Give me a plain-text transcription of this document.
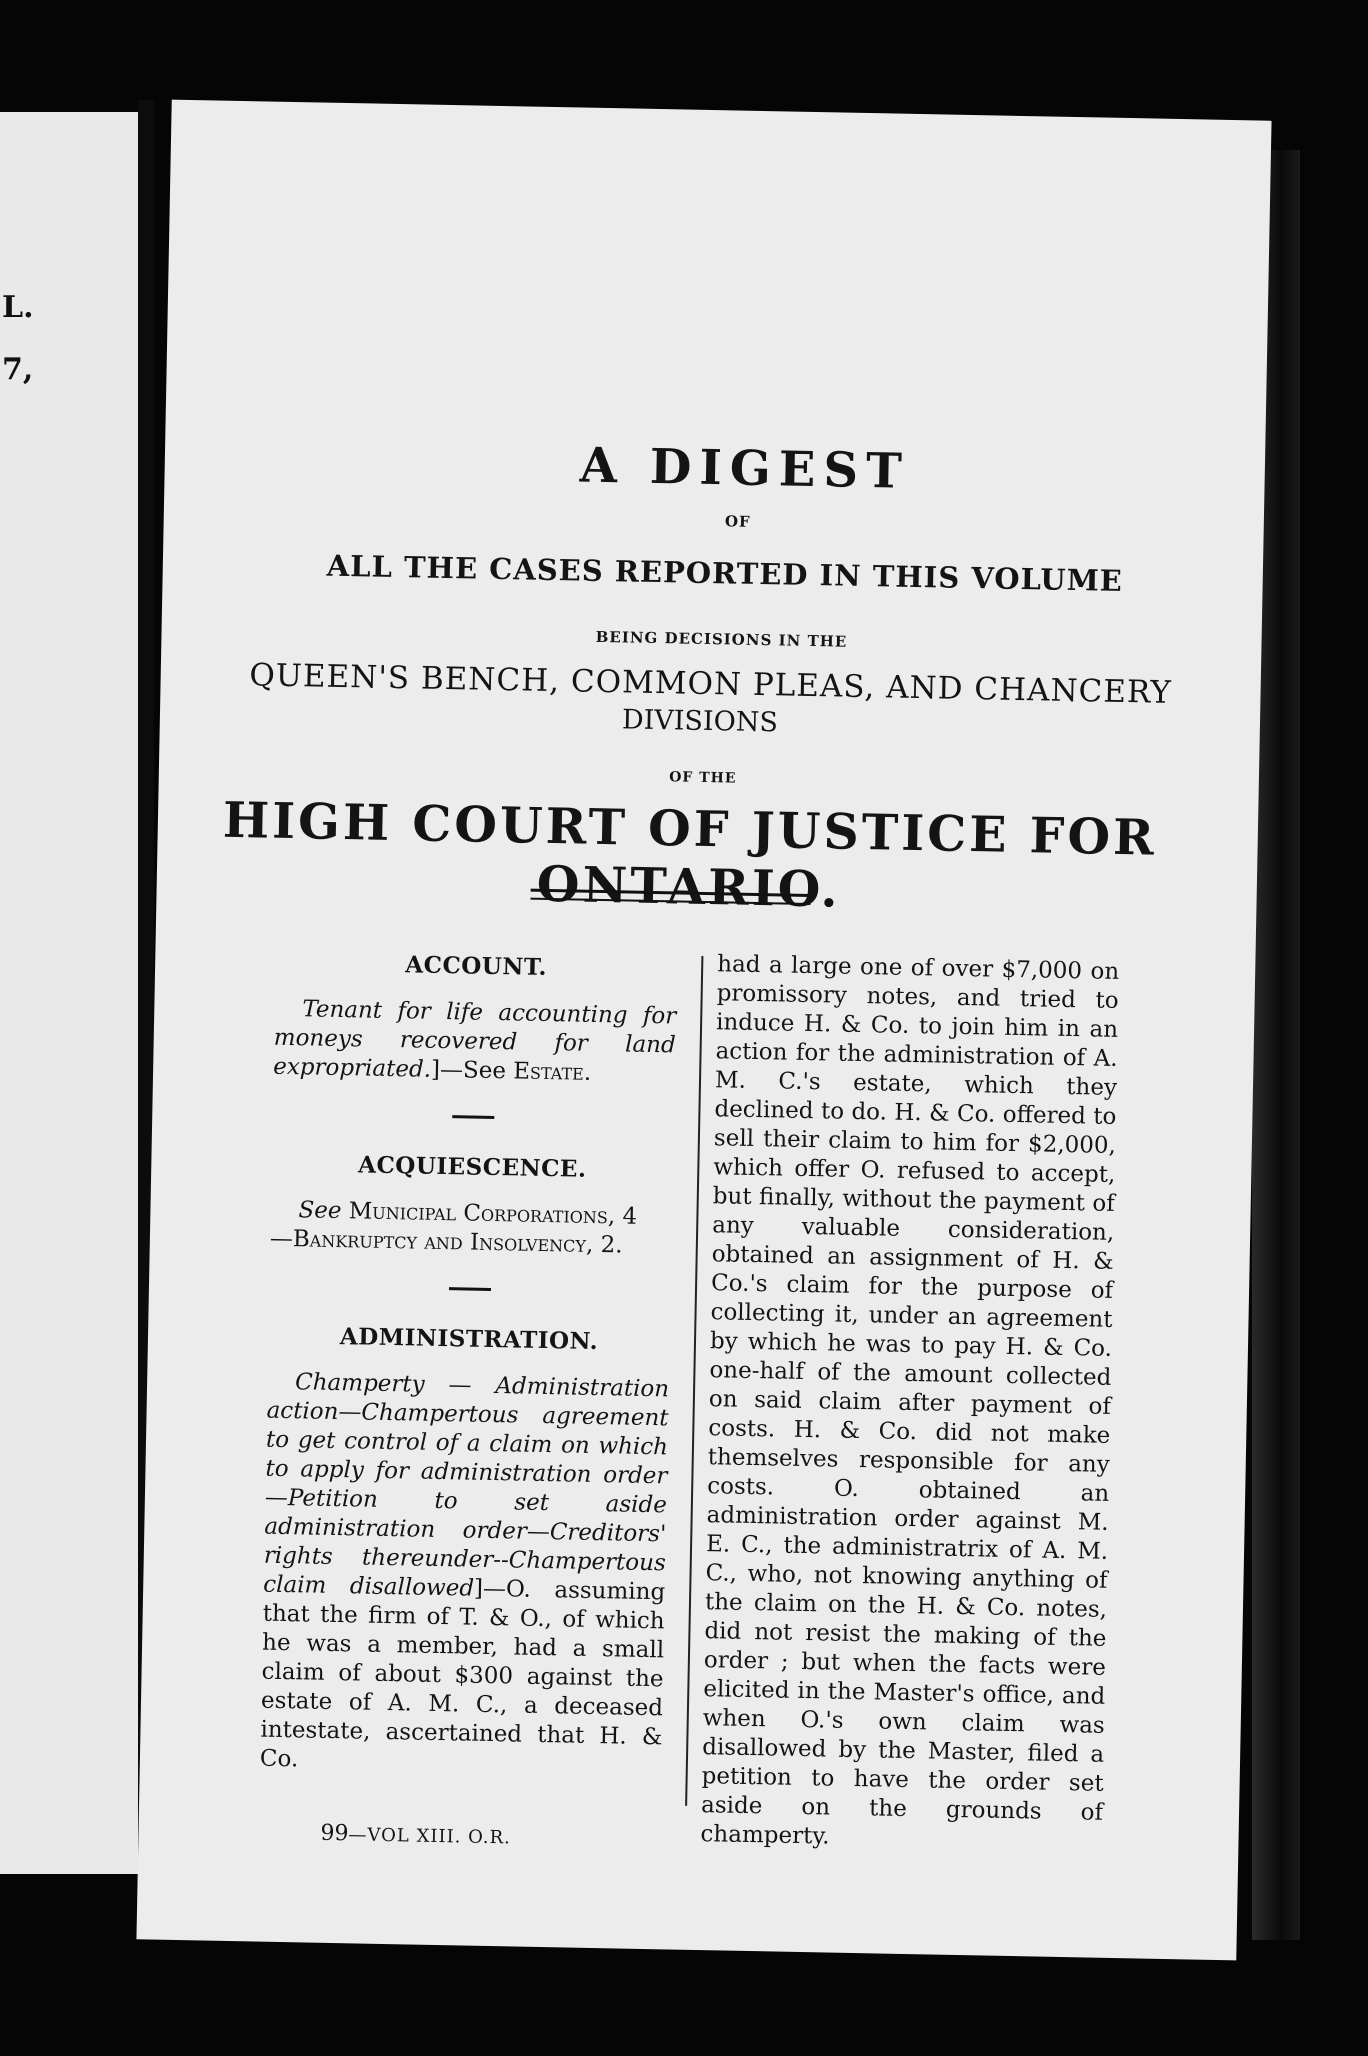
L.
7,
A DIGEST
OF
ALL THE CASES REPORTED IN THIS VOLUME
BEING DECISIONS IN THE
QUEEN'S BENCH, COMMON PLEAS, AND CHANCERY
DIVISIONS
OF THE
HIGH COURT OF JUSTICE FOR ONTARIO.
ACCOUNT.

Tenant for life accounting for moneys recovered for land expropriated.]—See Estate.

ACQUIESCENCE.

See Municipal Corporations, 4
—Bankruptcy and Insolvency, 2.

ADMINISTRATION.

Champerty — Administration action—Champertous agreement to get control of a claim on which to apply for administration order—Petition to set aside administration order—Creditors' rights thereunder--Champertous claim disallowed]—O. assuming that the firm of T. & O., of which he was a member, had a small claim of about $300 against the estate of A. M. C., a deceased intestate, ascertained that H. & Co.

had a large one of over $7,000 on promissory notes, and tried to induce H. & Co. to join him in an action for the administration of A. M. C.'s estate, which they declined to do. H. & Co. offered to sell their claim to him for $2,000, which offer O. refused to accept, but finally, without the payment of any valuable consideration, obtained an assignment of H. & Co.'s claim for the purpose of collecting it, under an agreement by which he was to pay H. & Co. one-half of the amount collected on said claim after payment of costs. H. & Co. did not make themselves responsible for any costs. O. obtained an administration order against M. E. C., the administratrix of A. M. C., who, not knowing anything of the claim on the H. & Co. notes, did not resist the making of the order ; but when the facts were elicited in the Master's office, and when O.'s own claim was disallowed by the Master, filed a petition to have the order set aside on the grounds of champerty.

99—VOL XIII. O.R.
